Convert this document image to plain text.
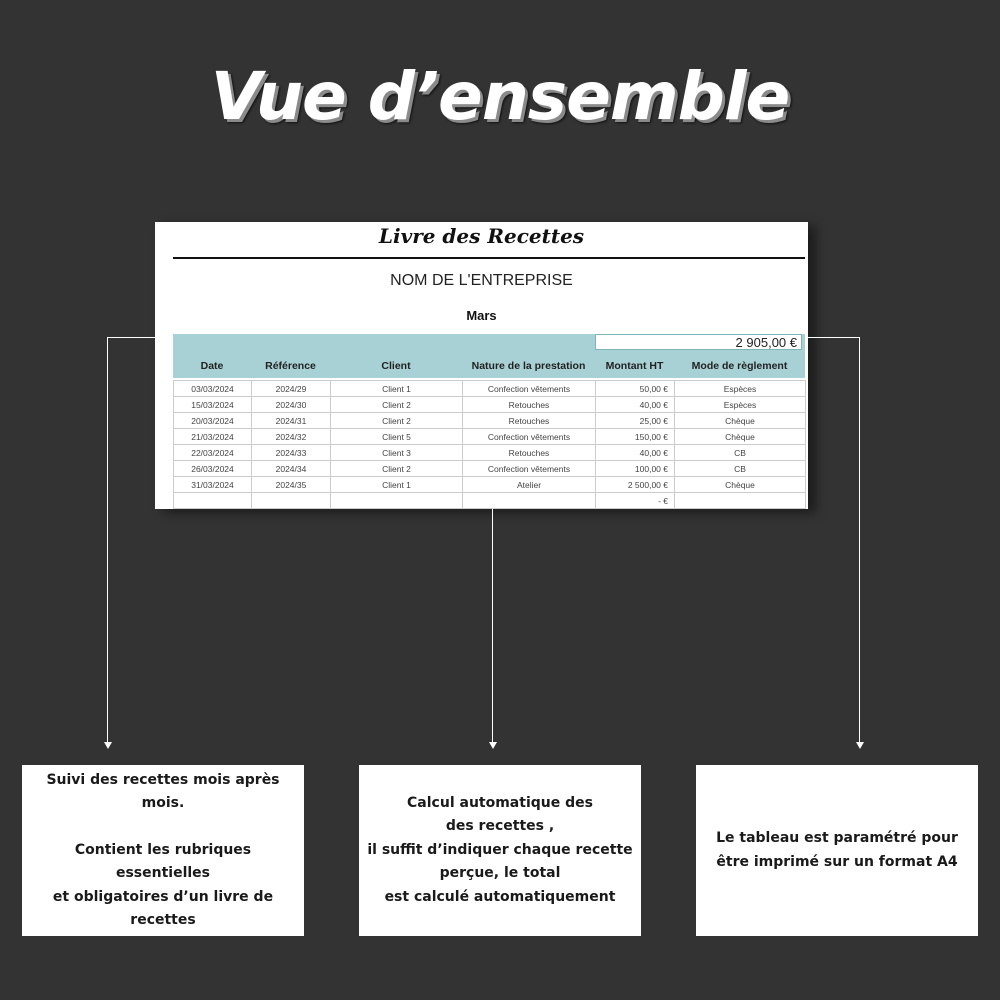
Vue d’ensemble
Livre des Recettes
NOM DE L'ENTREPRISE
Mars
2 905,00 €
Date	Référence	Client	Nature de la prestation	Montant HT	Mode de règlement
03/03/2024	2024/29	Client 1	Confection vêtements	50,00 €	Espèces
15/03/2024	2024/30	Client 2	Retouches	40,00 €	Espèces
20/03/2024	2024/31	Client 2	Retouches	25,00 €	Chèque
21/03/2024	2024/32	Client 5	Confection vêtements	150,00 €	Chèque
22/03/2024	2024/33	Client 3	Retouches	40,00 €	CB
26/03/2024	2024/34	Client 2	Confection vêtements	100,00 €	CB
31/03/2024	2024/35	Client 1	Atelier	2 500,00 €	Chèque
				- €	

Suivi des recettes mois après mois.

Contient les rubriques essentielles

et obligatoires d’un livre de

recettes

Calcul automatique des

des recettes ,

il suffit d’indiquer chaque recette

perçue, le total

est calculé automatiquement

Le tableau est paramétré pour

être imprimé sur un format A4
